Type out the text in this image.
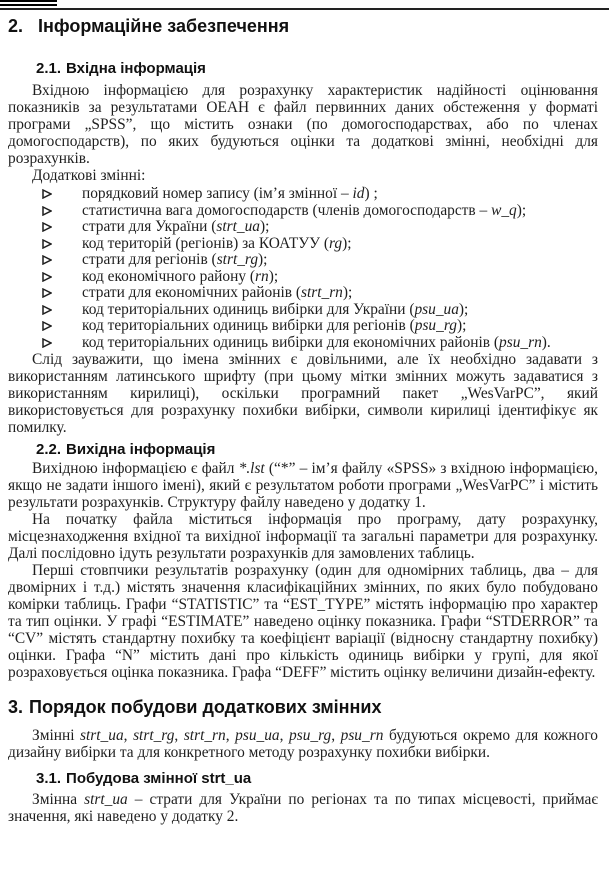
2. Інформаційне забезпечення
2.1. Вхідна інформація

Вхідною інформацією для розрахунку характеристик надійності оцінювання показників за результатами ОЕАН є файл первинних даних обстеження у форматі програми „SPSS”, що містить ознаки (по домогосподарствах, або по членах домогосподарств), по яких будуються оцінки та додаткові змінні, необхідні для розрахунків.

Додаткові змінні:

порядковий номер запису (ім’я змінної – id) ;
статистична вага домогосподарств (членів домогосподарств – w_q);
страти для України (strt_ua);
код територій (регіонів) за КОАТУУ (rg);
страти для регіонів (strt_rg);
код економічного району (rn);
страти для економічних районів (strt_rn);
код територіальних одиниць вибірки для України (psu_ua);
код територіальних одиниць вибірки для регіонів (psu_rg);
код територіальних одиниць вибірки для економічних районів (psu_rn).

Слід зауважити, що імена змінних є довільними, але їх необхідно задавати з використанням латинського шрифту (при цьому мітки змінних можуть задаватися з використанням кирилиці), оскільки програмний пакет „WesVarPC”, який використовується для розрахунку похибки вибірки, символи кирилиці ідентифікує як помилку.

2.2. Вихідна інформація

Вихідною інформацією є файл *.lst (“*” – ім’я файлу «SPSS» з вхідною інформацією, якщо не задати іншого імені), який є результатом роботи програми „WesVarPC” і містить результати розрахунків. Структуру файлу наведено у додатку 1.

На початку файла міститься інформація про програму, дату розрахунку, місцезнаходження вхідної та вихідної інформації та загальні параметри для розрахунку. Далі послідовно ідуть результати розрахунків для замовлених таблиць.

Перші стовпчики результатів розрахунку (один для одномірних таблиць, два – для двомірних і т.д.) містять значення класифікаційних змінних, по яких було побудовано комірки таблиць. Графи “STATISTIC” та “EST_TYPE” містять інформацію про характер та тип оцінки. У графі “ESTIMATE” наведено оцінку показника. Графи “STDERROR” та “CV” містять стандартну похибку та коефіцієнт варіації (відносну стандартну похибку) оцінки. Графа “N” містить дані про кількість одиниць вибірки у групі, для якої розраховується оцінка показника. Графа “DEFF” містить оцінку величини дизайн-ефекту.

3. Порядок побудови додаткових змінних

Змінні strt_ua, strt_rg, strt_rn, psu_ua, psu_rg, psu_rn будуються окремо для кожного дизайну вибірки та для конкретного методу розрахунку похибки вибірки.

3.1. Побудова змінної strt_ua

Змінна strt_ua – страти для України по регіонах та по типах місцевості, приймає значення, які наведено у додатку 2.
